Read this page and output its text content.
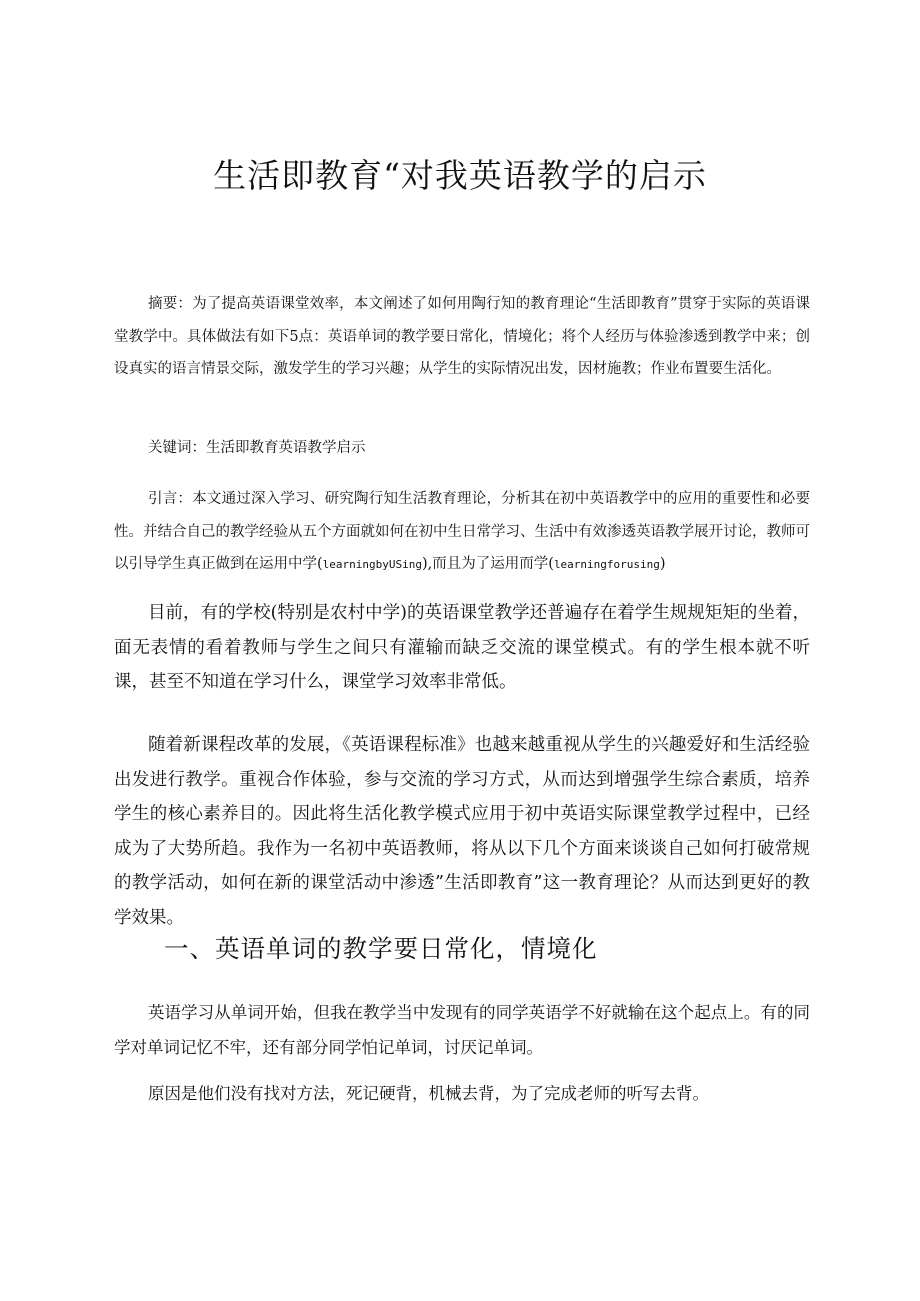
生活即教育“对我英语教学的启示

摘要：为了提高英语课堂效率，本文阐述了如何用陶行知的教育理论“生活即教育”贯穿于实际的英语课堂教学中。具体做法有如下5点：英语单词的教学要日常化，情境化；将个人经历与体验渗透到教学中来；创设真实的语言情景交际，激发学生的学习兴趣；从学生的实际情况出发，因材施教；作业布置要生活化。

关键词：生活即教育英语教学启示

引言：本文通过深入学习、研究陶行知生活教育理论，分析其在初中英语教学中的应用的重要性和必要性。并结合自己的教学经验从五个方面就如何在初中生日常学习、生活中有效渗透英语教学展开讨论，教师可以引导学生真正做到在运用中学(learningbyUSing),而且为了运用而学(learningforusing)

目前，有的学校(特别是农村中学)的英语课堂教学还普遍存在着学生规规矩矩的坐着，面无表情的看着教师与学生之间只有灌输而缺乏交流的课堂模式。有的学生根本就不听课，甚至不知道在学习什么，课堂学习效率非常低。

随着新课程改革的发展，《英语课程标准》也越来越重视从学生的兴趣爱好和生活经验出发进行教学。重视合作体验，参与交流的学习方式，从而达到增强学生综合素质，培养学生的核心素养目的。因此将生活化教学模式应用于初中英语实际课堂教学过程中，已经成为了大势所趋。我作为一名初中英语教师，将从以下几个方面来谈谈自己如何打破常规的教学活动，如何在新的课堂活动中渗透”生活即教育”这一教育理论？从而达到更好的教学效果。

一、英语单词的教学要日常化，情境化

英语学习从单词开始，但我在教学当中发现有的同学英语学不好就输在这个起点上。有的同学对单词记忆不牢，还有部分同学怕记单词，讨厌记单词。

原因是他们没有找对方法，死记硬背，机械去背，为了完成老师的听写去背。
